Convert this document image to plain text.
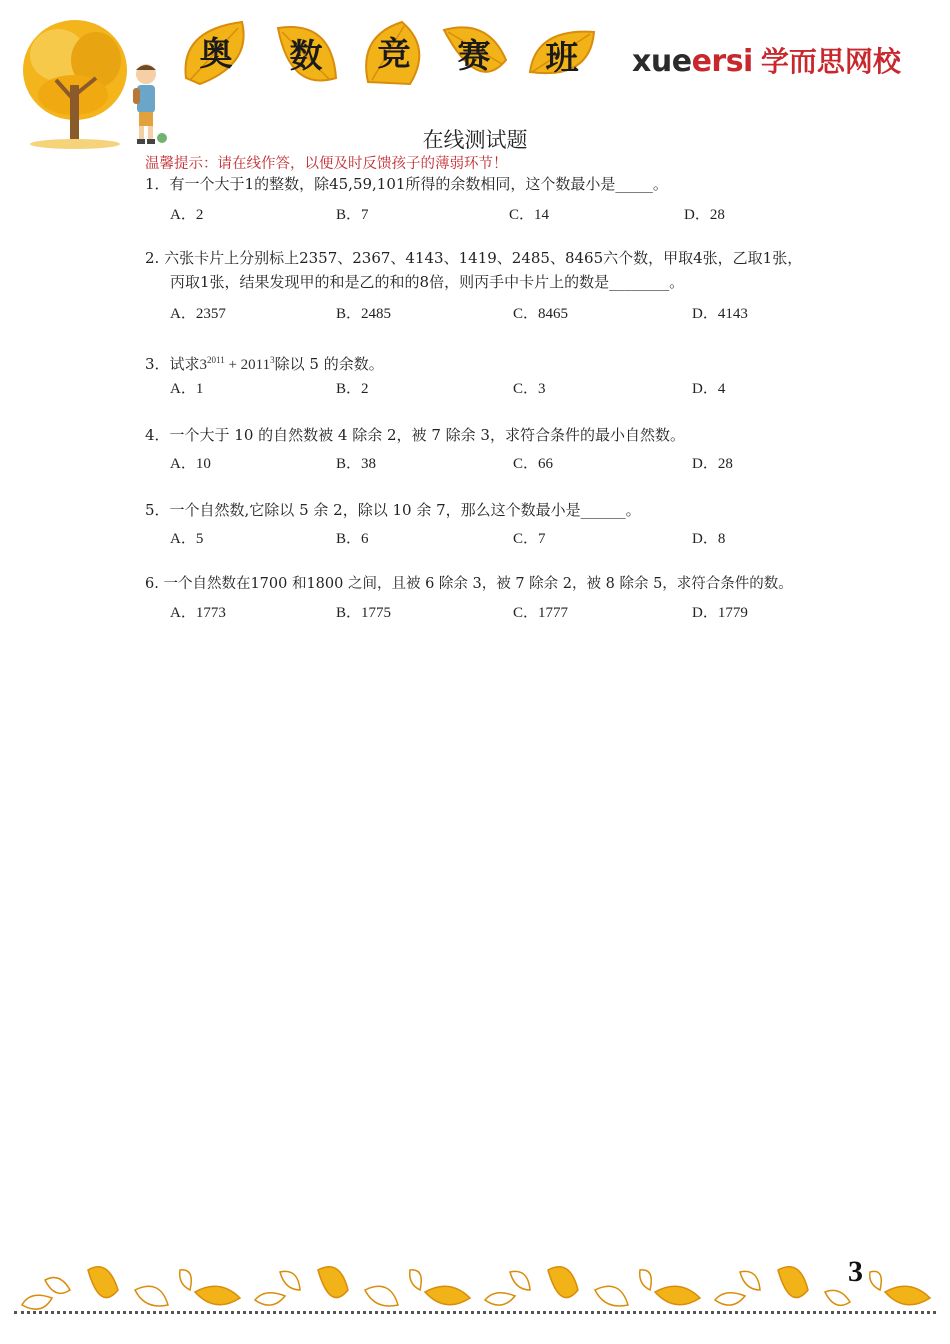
奥	数	竞	赛	班	xueersi 学而思网校
在线测试题
温馨提示：请在线作答，以便及时反馈孩子的薄弱环节！
1．有一个大于1的整数，除45,59,101所得的余数相同，这个数最小是_____。
A．2	B．7	C．14	D．28
2. 六张卡片上分别标上2357、2367、4143、1419、2485、8465六个数，甲取4张，乙取1张，
丙取1张，结果发现甲的和是乙的和的8倍，则丙手中卡片上的数是________。
A．2357	B．2485	C．8465	D．4143
3．试求$3^{2011} + 2011^3$除以 5 的余数。
A．1	B．2	C．3	D．4
4．一个大于 10 的自然数被 4 除余 2，被 7 除余 3，求符合条件的最小自然数。
A．10	B．38	C．66	D．28
5．一个自然数,它除以 5 余 2，除以 10 余 7，那么这个数最小是______。
A．5	B．6	C．7	D．8
6. 一个自然数在1700 和1800 之间，且被 6 除余 3，被 7 除余 2，被 8 除余 5，求符合条件的数。
A．1773	B．1775	C．1777	D．1779
3
